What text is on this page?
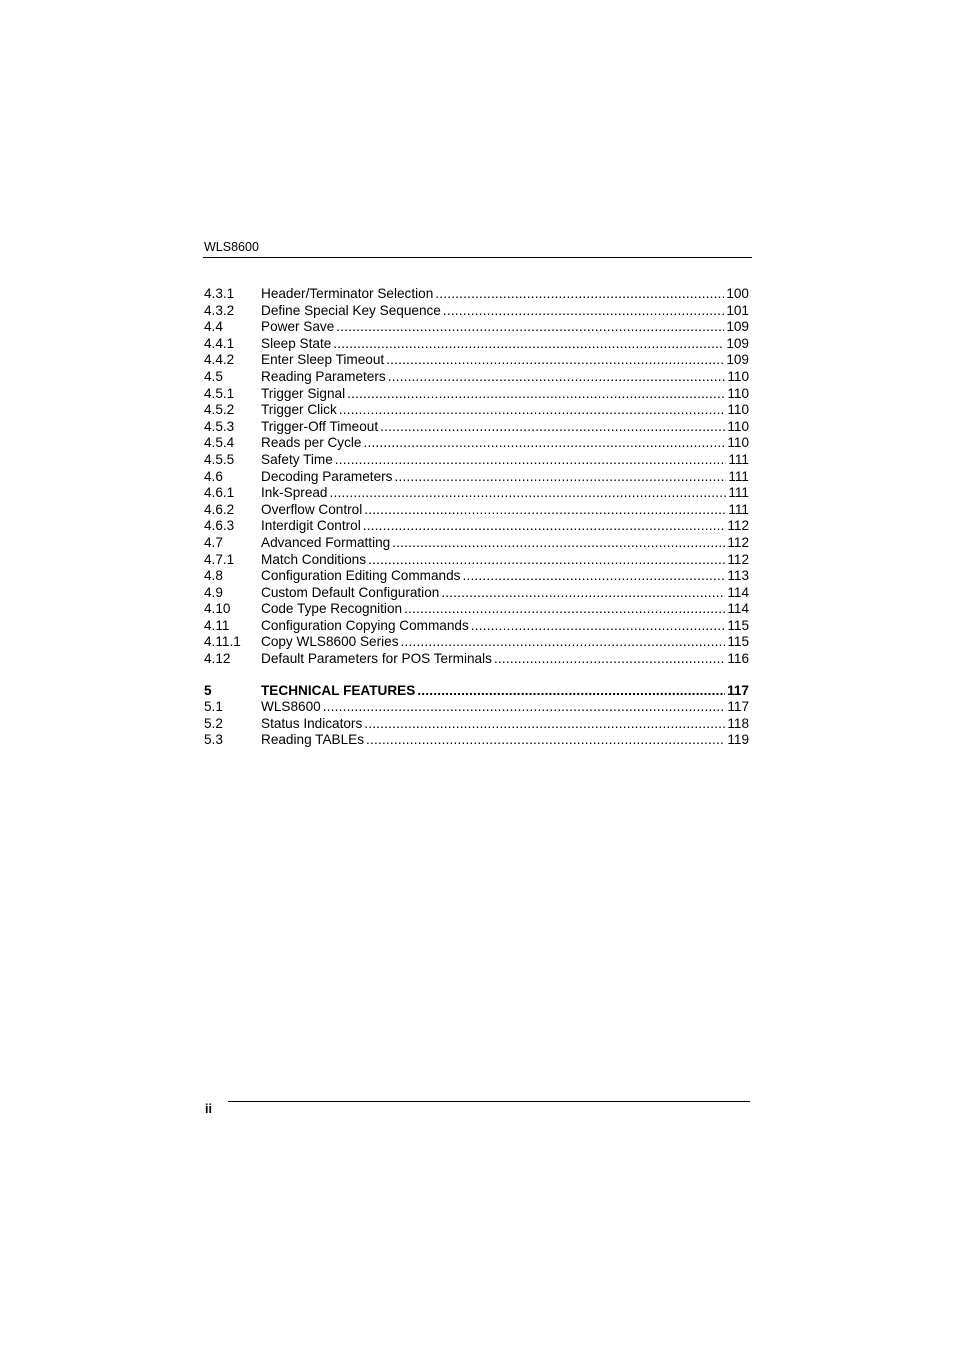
WLS8600
4.3.1	Header/Terminator Selection .....	100
4.3.2	Define Special Key Sequence .....	101
4.4	Power Save .....	109
4.4.1	Sleep State .....	109
4.4.2	Enter Sleep Timeout .....	109
4.5	Reading Parameters .....	110
4.5.1	Trigger Signal .....	110
4.5.2	Trigger Click .....	110
4.5.3	Trigger-Off Timeout .....	110
4.5.4	Reads per Cycle .....	110
4.5.5	Safety Time .....	111
4.6	Decoding Parameters .....	111
4.6.1	Ink-Spread .....	111
4.6.2	Overflow Control .....	111
4.6.3	Interdigit Control .....	112
4.7	Advanced Formatting .....	112
4.7.1	Match Conditions .....	112
4.8	Configuration Editing Commands .....	113
4.9	Custom Default Configuration .....	114
4.10	Code Type Recognition .....	114
4.11	Configuration Copying Commands .....	115
4.11.1	Copy WLS8600 Series .....	115
4.12	Default Parameters for POS Terminals .....	116
5	TECHNICAL FEATURES .....	117
5.1	WLS8600 .....	117
5.2	Status Indicators .....	118
5.3	Reading TABLEs .....	119
ii
